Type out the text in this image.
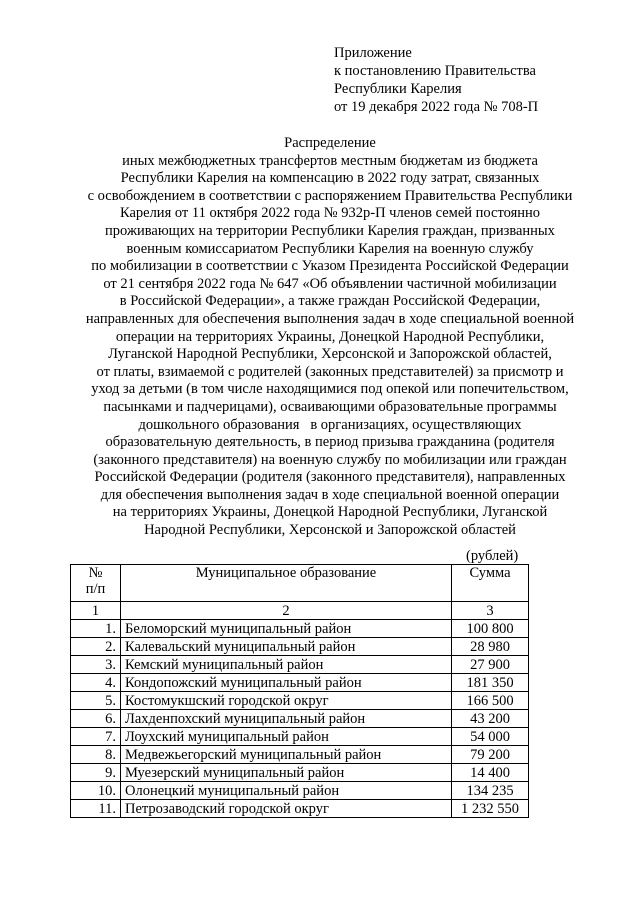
Приложение
к постановлению Правительства
Республики Карелия
от 19 декабря 2022 года № 708-П
Распределение
иных межбюджетных трансфертов местным бюджетам из бюджета
Республики Карелия на компенсацию в 2022 году затрат, связанных
с освобождением в соответствии с распоряжением Правительства Республики
Карелия от 11 октября 2022 года № 932р-П членов семей постоянно
проживающих на территории Республики Карелия граждан, призванных
военным комиссариатом Республики Карелия на военную службу
по мобилизации в соответствии с Указом Президента Российской Федерации
от 21 сентября 2022 года № 647 «Об объявлении частичной мобилизации
в Российской Федерации», а также граждан Российской Федерации,
направленных для обеспечения выполнения задач в ходе специальной военной
операции на территориях Украины, Донецкой Народной Республики,
Луганской Народной Республики, Херсонской и Запорожской областей,
от платы, взимаемой с родителей (законных представителей) за присмотр и
уход за детьми (в том числе находящимися под опекой или попечительством,
пасынками и падчерицами), осваивающими образовательные программы
дошкольного образования   в организациях, осуществляющих
образовательную деятельность, в период призыва гражданина (родителя
(законного представителя) на военную службу по мобилизации или граждан
Российской Федерации (родителя (законного представителя), направленных
для обеспечения выполнения задач в ходе специальной военной операции
на территориях Украины, Донецкой Народной Республики, Луганской
Народной Республики, Херсонской и Запорожской областей
(рублей)
№
п/п	Муниципальное образование	Сумма
1	2	3
1.	Беломорский муниципальный район	100 800
2.	Калевальский муниципальный район	28 980
3.	Кемский муниципальный район	27 900
4.	Кондопожский муниципальный район	181 350
5.	Костомукшский городской округ	166 500
6.	Лахденпохский муниципальный район	43 200
7.	Лоухский муниципальный район	54 000
8.	Медвежьегорский муниципальный район	79 200
9.	Муезерский муниципальный район	14 400
10.	Олонецкий муниципальный район	134 235
11.	Петрозаводский городской округ	1 232 550
